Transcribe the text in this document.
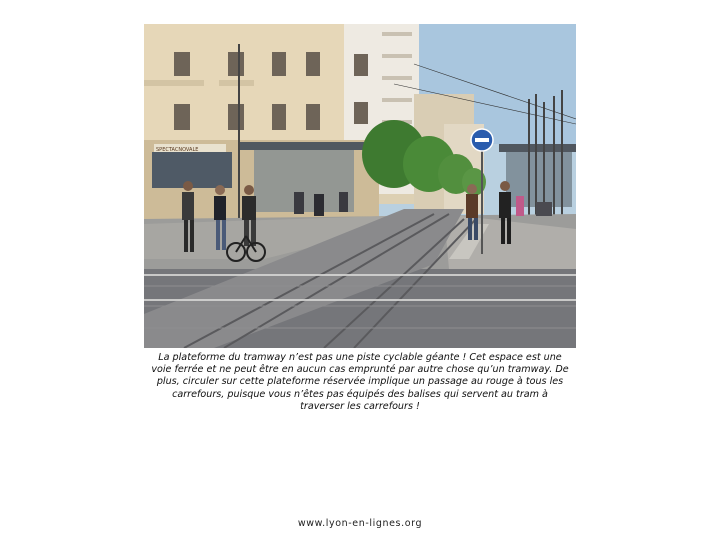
SPECTACNOVALE
La plateforme du tramway n’est pas une piste cyclable géante ! Cet espace est une voie ferrée et ne peut être en aucun cas emprunté par autre chose qu’un tramway. De plus, circuler sur cette plateforme réservée implique un passage au rouge à tous les carrefours, puisque vous n’êtes pas équipés des balises qui servent au tram à traverser les carrefours !
www.lyon-en-lignes.org
